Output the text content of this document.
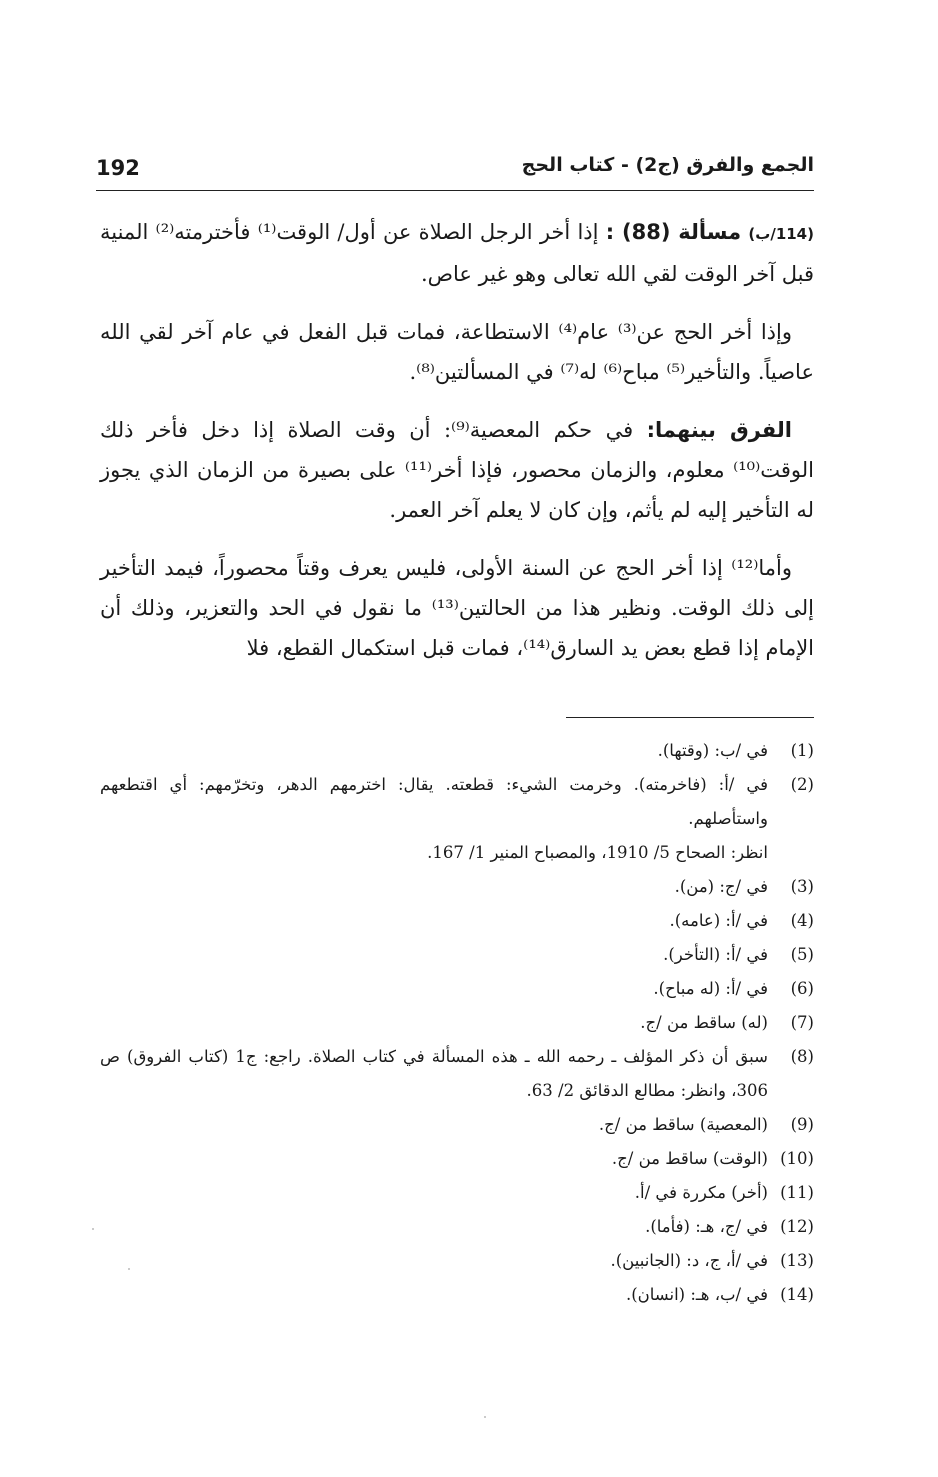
192	الجمع والفرق (ج2) - كتاب الحج

(114/ب) مسألة (88) : إذا أخر الرجل الصلاة عن أول/ الوقت⁽¹⁾ فأخترمته⁽²⁾ المنية قبل آخر الوقت لقي الله تعالى وهو غير عاص.

وإذا أخر الحج عن⁽³⁾ عام⁽⁴⁾ الاستطاعة، فمات قبل الفعل في عام آخر لقي الله عاصياً. والتأخير⁽⁵⁾ مباح⁽⁶⁾ له⁽⁷⁾ في المسألتين⁽⁸⁾.

الفرق بينهما: في حكم المعصية⁽⁹⁾: أن وقت الصلاة إذا دخل فأخر ذلك الوقت⁽¹⁰⁾ معلوم، والزمان محصور، فإذا أخر⁽¹¹⁾ على بصيرة من الزمان الذي يجوز له التأخير إليه لم يأثم، وإن كان لا يعلم آخر العمر.

وأما⁽¹²⁾ إذا أخر الحج عن السنة الأولى، فليس يعرف وقتاً محصوراً، فيمد التأخير إلى ذلك الوقت. ونظير هذا من الحالتين⁽¹³⁾ ما نقول في الحد والتعزير، وذلك أن الإمام إذا قطع بعض يد السارق⁽¹⁴⁾، فمات قبل استكمال القطع، فلا

(1)
في /ب: (وقتها).
(2)
في /أ: (فاخرمته). وخرمت الشيء: قطعته. يقال: اخترمهم الدهر، وتخرّمهم: أي اقتطعهم واستأصلهم.
انظر: الصحاح 5/ 1910، والمصباح المنير 1/ 167.
(3)
في /ج: (من).
(4)
في /أ: (عامه).
(5)
في /أ: (التأخر).
(6)
في /أ: (له مباح).
(7)
(له) ساقط من /ج.
(8)
سبق أن ذكر المؤلف ـ رحمه الله ـ هذه المسألة في كتاب الصلاة. راجع: ج1 (كتاب الفروق) ص 306، وانظر: مطالع الدقائق 2/ 63.
(9)
(المعصية) ساقط من /ج.
(10)
(الوقت) ساقط من /ج.
(11)
(أخر) مكررة في /أ.
(12)
في /ج، هـ: (فأما).
(13)
في /أ، ج، د: (الجانبين).
(14)
في /ب، هـ: (انسان).
